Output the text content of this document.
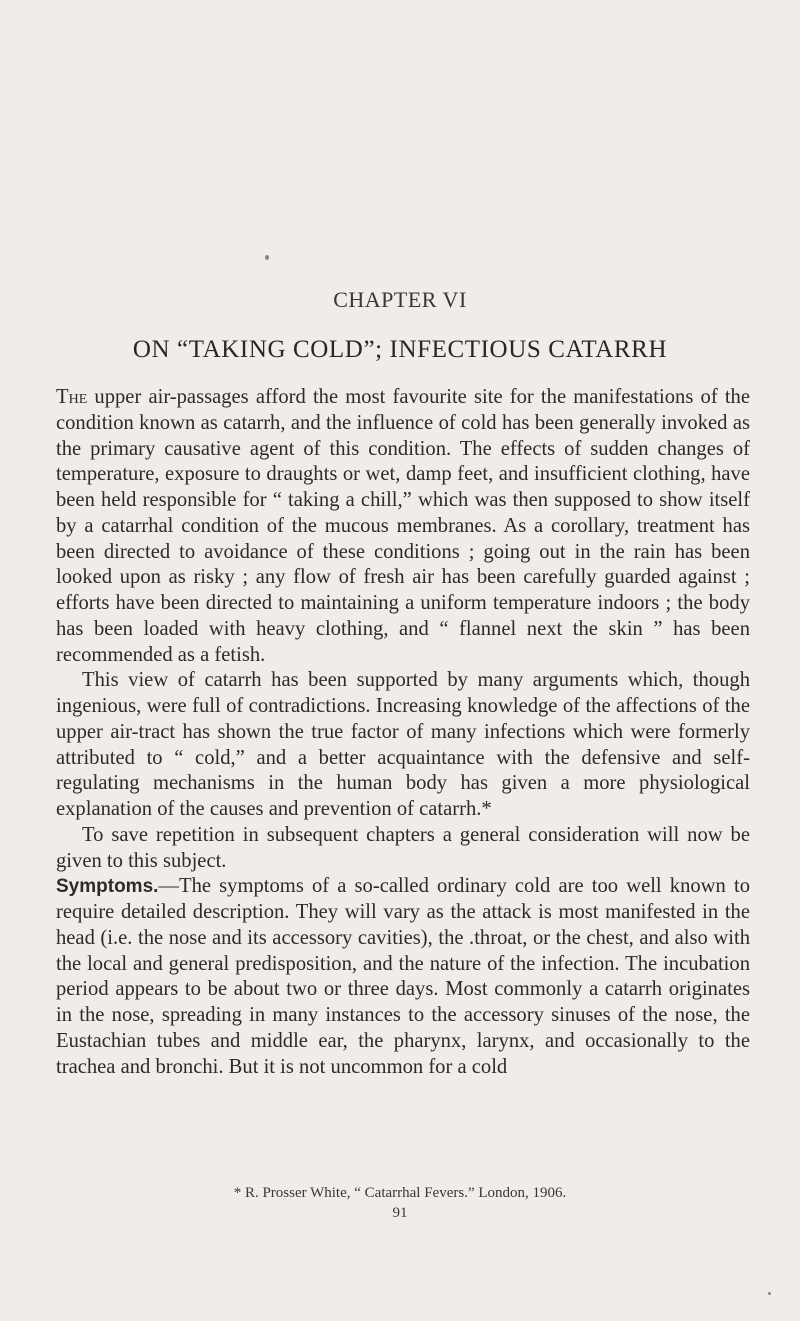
CHAPTER VI
ON “TAKING COLD”; INFECTIOUS CATARRH

The upper air-passages afford the most favourite site for the manifestations of the condition known as catarrh, and the influence of cold has been generally invoked as the primary causative agent of this condition. The effects of sudden changes of temperature, exposure to draughts or wet, damp feet, and insufficient clothing, have been held responsible for “ taking a chill,” which was then supposed to show itself by a catarrhal condition of the mucous membranes. As a corollary, treatment has been directed to avoidance of these conditions ; going out in the rain has been looked upon as risky ; any flow of fresh air has been carefully guarded against ; efforts have been directed to maintaining a uniform temperature indoors ; the body has been loaded with heavy clothing, and “ flannel next the skin ” has been recommended as a fetish.

This view of catarrh has been supported by many arguments which, though ingenious, were full of contradictions. Increasing knowledge of the affections of the upper air-tract has shown the true factor of many infections which were formerly attributed to “ cold,” and a better acquaintance with the defensive and self-regulating mechanisms in the human body has given a more physiological explanation of the causes and prevention of catarrh.*

To save repetition in subsequent chapters a general consideration will now be given to this subject.

Symptoms.—The symptoms of a so-called ordinary cold are too well known to require detailed description. They will vary as the attack is most manifested in the head (i.e. the nose and its accessory cavities), the .throat, or the chest, and also with the local and general predisposition, and the nature of the infection. The incubation period appears to be about two or three days. Most commonly a catarrh originates in the nose, spreading in many instances to the accessory sinuses of the nose, the Eustachian tubes and middle ear, the pharynx, larynx, and occasionally to the trachea and bronchi. But it is not uncommon for a cold

* R. Prosser White, “ Catarrhal Fevers.” London, 1906.
91
